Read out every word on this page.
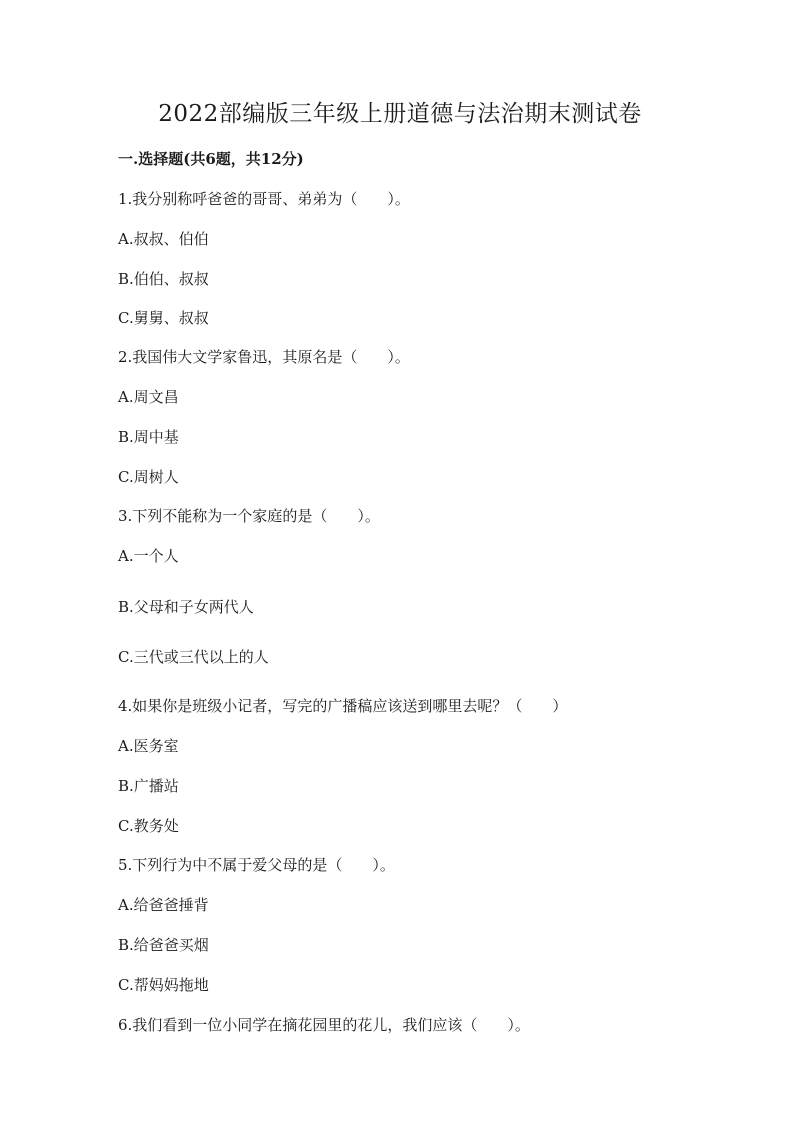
2022部编版三年级上册道德与法治期末测试卷
一.选择题(共6题，共12分)

1.我分别称呼爸爸的哥哥、弟弟为（　　）。

A.叔叔、伯伯

B.伯伯、叔叔

C.舅舅、叔叔

2.我国伟大文学家鲁迅，其原名是（　　）。

A.周文昌

B.周中基

C.周树人

3.下列不能称为一个家庭的是（　　）。

A.一个人

B.父母和子女两代人

C.三代或三代以上的人

4.如果你是班级小记者，写完的广播稿应该送到哪里去呢？（　　）

A.医务室

B.广播站

C.教务处

5.下列行为中不属于爱父母的是（　　）。

A.给爸爸捶背

B.给爸爸买烟

C.帮妈妈拖地

6.我们看到一位小同学在摘花园里的花儿，我们应该（　　）。
